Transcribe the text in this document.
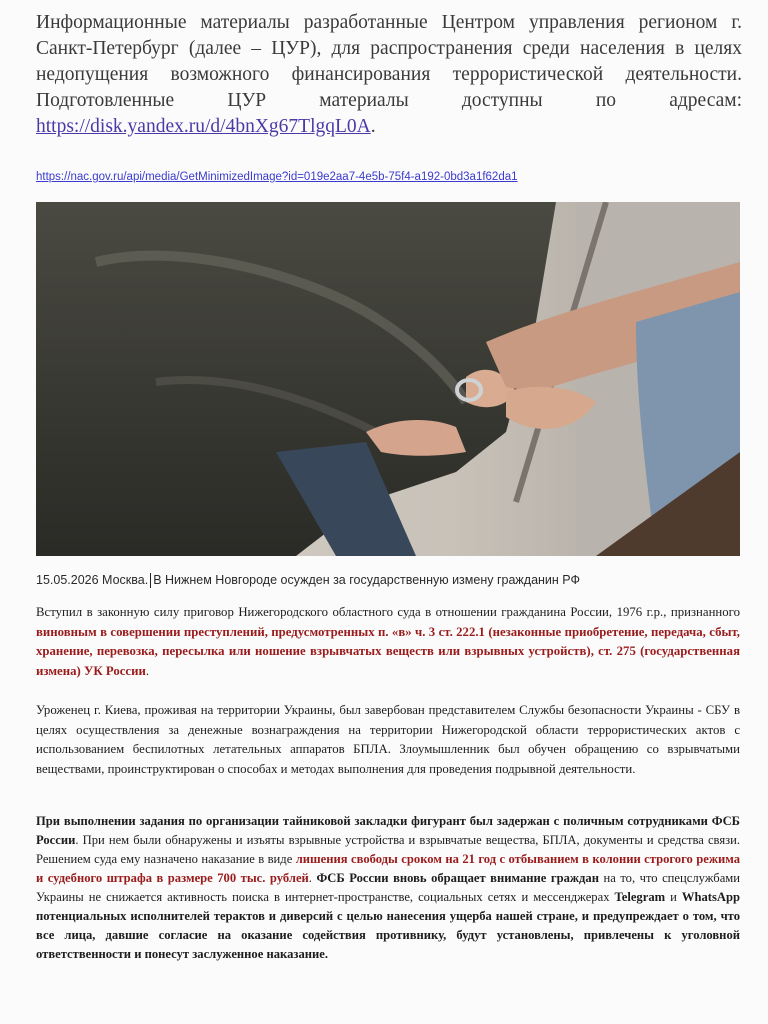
Информационные материалы разработанные Центром управления регионом г. Санкт-Петербург (далее – ЦУР), для распространения среди населения в целях недопущения возможного финансирования террористической деятельности. Подготовленные ЦУР материалы доступны по адресам: https://disk.yandex.ru/d/4bnXg67TlgqL0A.
https://nac.gov.ru/api/media/GetMinimizedImage?id=019e2aa7-4e5b-75f4-a192-0bd3a1f62da1
15.05.2026 Москва. В Нижнем Новгороде осужден за государственную измену гражданин РФ
Вступил в законную силу приговор Нижегородского областного суда в отношении гражданина России, 1976 г.р., признанного виновным в совершении преступлений, предусмотренных п. «в» ч. 3 ст. 222.1 (незаконные приобретение, передача, сбыт, хранение, перевозка, пересылка или ношение взрывчатых веществ или взрывных устройств), ст. 275 (государственная измена) УК России.
Уроженец г. Киева, проживая на территории Украины, был завербован представителем Службы безопасности Украины - СБУ в целях осуществления за денежные вознаграждения на территории Нижегородской области террористических актов с использованием беспилотных летательных аппаратов БПЛА. Злоумышленник был обучен обращению со взрывчатыми веществами, проинструктирован о способах и методах выполнения для проведения подрывной деятельности.
При выполнении задания по организации тайниковой закладки фигурант был задержан с поличным сотрудниками ФСБ России. При нем были обнаружены и изъяты взрывные устройства и взрывчатые вещества, БПЛА, документы и средства связи. Решением суда ему назначено наказание в виде лишения свободы сроком на 21 год с отбыванием в колонии строгого режима и судебного штрафа в размере 700 тыс. рублей. ФСБ России вновь обращает внимание граждан на то, что спецслужбами Украины не снижается активность поиска в интернет-пространстве, социальных сетях и мессенджерах Telegram и WhatsApp потенциальных исполнителей терактов и диверсий с целью нанесения ущерба нашей стране, и предупреждает о том, что все лица, давшие согласие на оказание содействия противнику, будут установлены, привлечены к уголовной ответственности и понесут заслуженное наказание.
